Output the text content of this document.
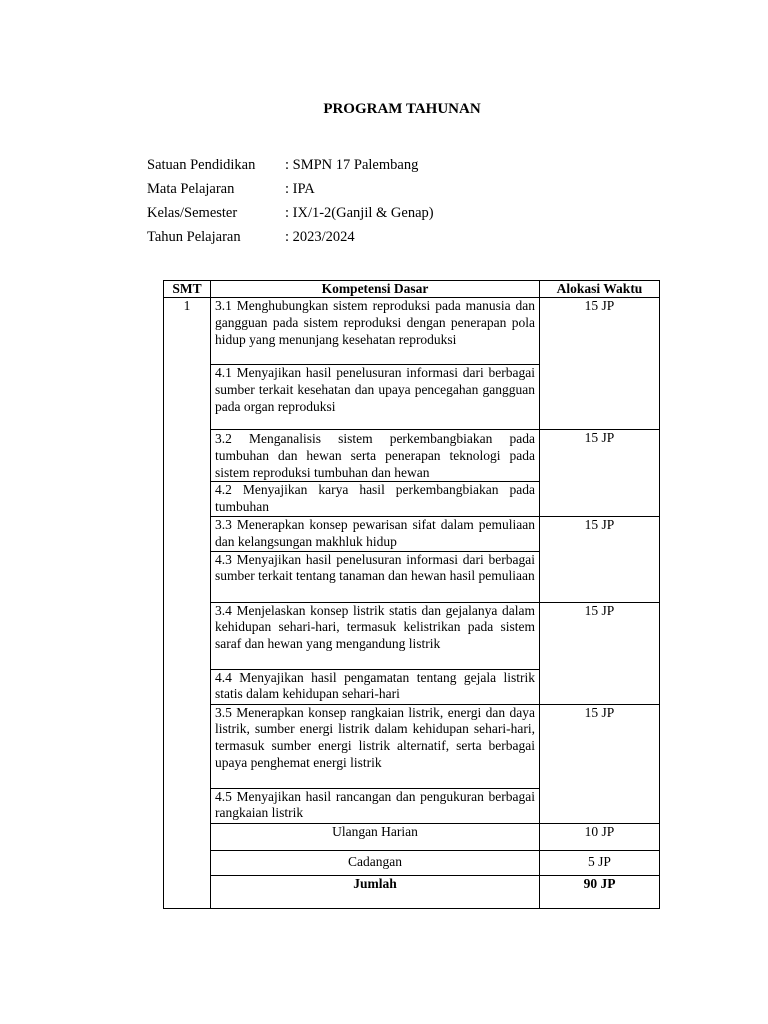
PROGRAM TAHUNAN
Satuan Pendidikan	: SMPN 17 Palembang
Mata Pelajaran	: IPA
Kelas/Semester	: IX/1-2(Ganjil & Genap)
Tahun Pelajaran	: 2023/2024
SMT	Kompetensi Dasar	Alokasi Waktu
1	3.1 Menghubungkan sistem reproduksi pada manusia dan gangguan pada sistem reproduksi dengan penerapan pola hidup yang menunjang kesehatan reproduksi	15 JP
	4.1 Menyajikan hasil penelusuran informasi dari berbagai sumber terkait kesehatan dan upaya pencegahan gangguan pada organ reproduksi	
	3.2 Menganalisis sistem perkembangbiakan pada tumbuhan dan hewan serta penerapan teknologi pada sistem reproduksi tumbuhan dan hewan	15 JP
	4.2 Menyajikan karya hasil perkembangbiakan pada tumbuhan	
	3.3 Menerapkan konsep pewarisan sifat dalam pemuliaan dan kelangsungan makhluk hidup	15 JP
	4.3 Menyajikan hasil penelusuran informasi dari berbagai sumber terkait tentang tanaman dan hewan hasil pemuliaan	
	3.4 Menjelaskan konsep listrik statis dan gejalanya dalam kehidupan sehari-hari, termasuk kelistrikan pada sistem saraf dan hewan yang mengandung listrik	15 JP
	4.4 Menyajikan hasil pengamatan tentang gejala listrik statis dalam kehidupan sehari-hari	
	3.5 Menerapkan konsep rangkaian listrik, energi dan daya listrik, sumber energi listrik dalam kehidupan sehari-hari, termasuk sumber energi listrik alternatif, serta berbagai upaya penghemat energi listrik	15 JP
	4.5 Menyajikan hasil rancangan dan pengukuran berbagai rangkaian listrik	
	Ulangan Harian	10 JP
	Cadangan	5 JP
	Jumlah	90 JP
